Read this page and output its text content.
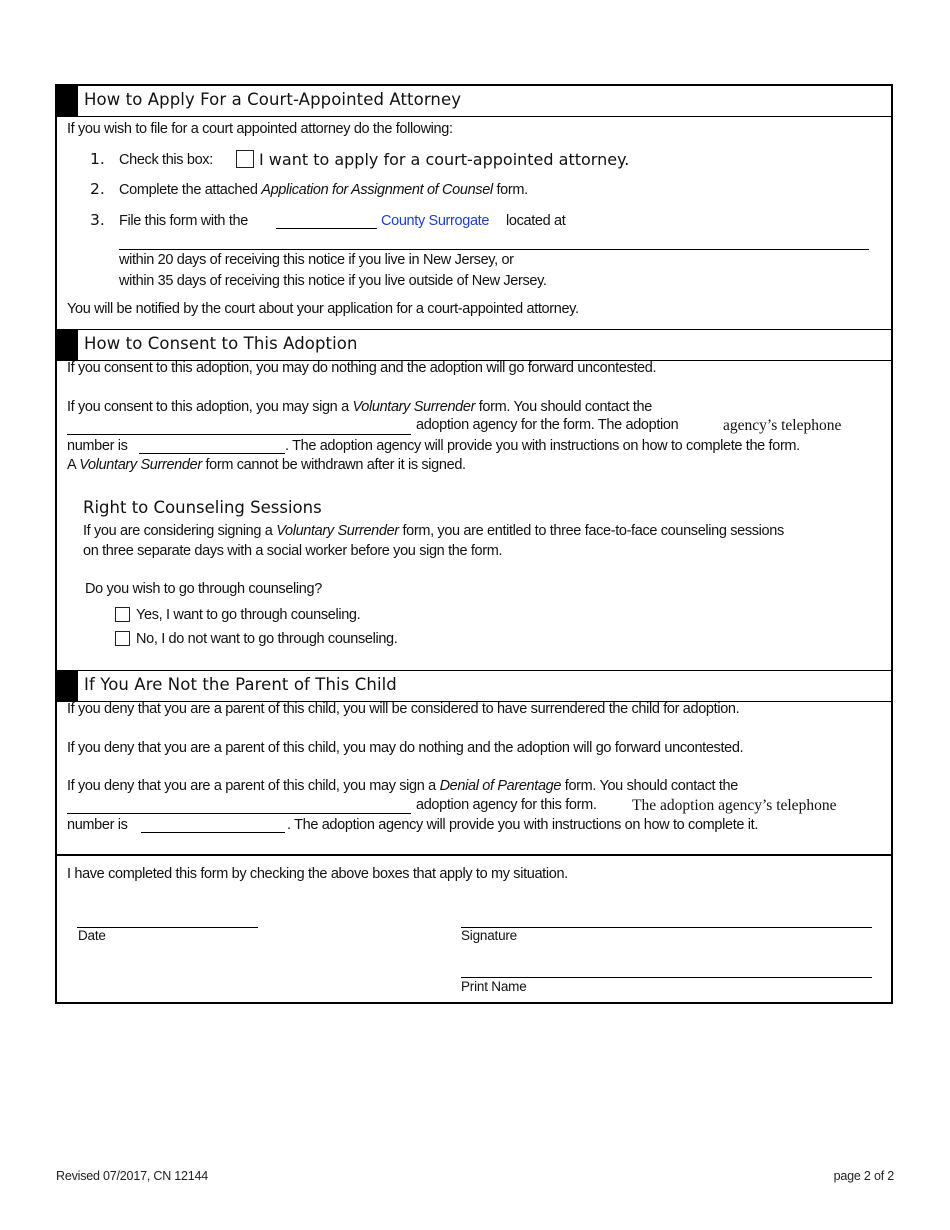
How to Apply For a Court-Appointed Attorney
If you wish to file for a court appointed attorney do the following:
1. Check this box:	I want to apply for a court-appointed attorney.
2. Complete the attached Application for Assignment of Counsel form.
3. File this form with the	County Surrogate located at
within 20 days of receiving this notice if you live in New Jersey, or
within 35 days of receiving this notice if you live outside of New Jersey.
You will be notified by the court about your application for a court-appointed attorney.
How to Consent to This Adoption
If you consent to this adoption, you may do nothing and the adoption will go forward uncontested.
If you consent to this adoption, you may sign a Voluntary Surrender form. You should contact the
adoption agency for the form. The adoption	agency’s telephone
number is	. The adoption agency will provide you with instructions on how to complete the form.
A Voluntary Surrender form cannot be withdrawn after it is signed.
Right to Counseling Sessions
If you are considering signing a Voluntary Surrender form, you are entitled to three face-to-face counseling sessions
on three separate days with a social worker before you sign the form.
Do you wish to go through counseling?
Yes, I want to go through counseling.
No, I do not want to go through counseling.
If You Are Not the Parent of This Child
If you deny that you are a parent of this child, you will be considered to have surrendered the child for adoption.
If you deny that you are a parent of this child, you may do nothing and the adoption will go forward uncontested.
If you deny that you are a parent of this child, you may sign a Denial of Parentage form. You should contact the
adoption agency for this form. The adoption agency’s telephone
number is	. The adoption agency will provide you with instructions on how to complete it.
I have completed this form by checking the above boxes that apply to my situation.
Date	Signature
Print Name
Revised 07/2017, CN 12144	page 2 of 2
